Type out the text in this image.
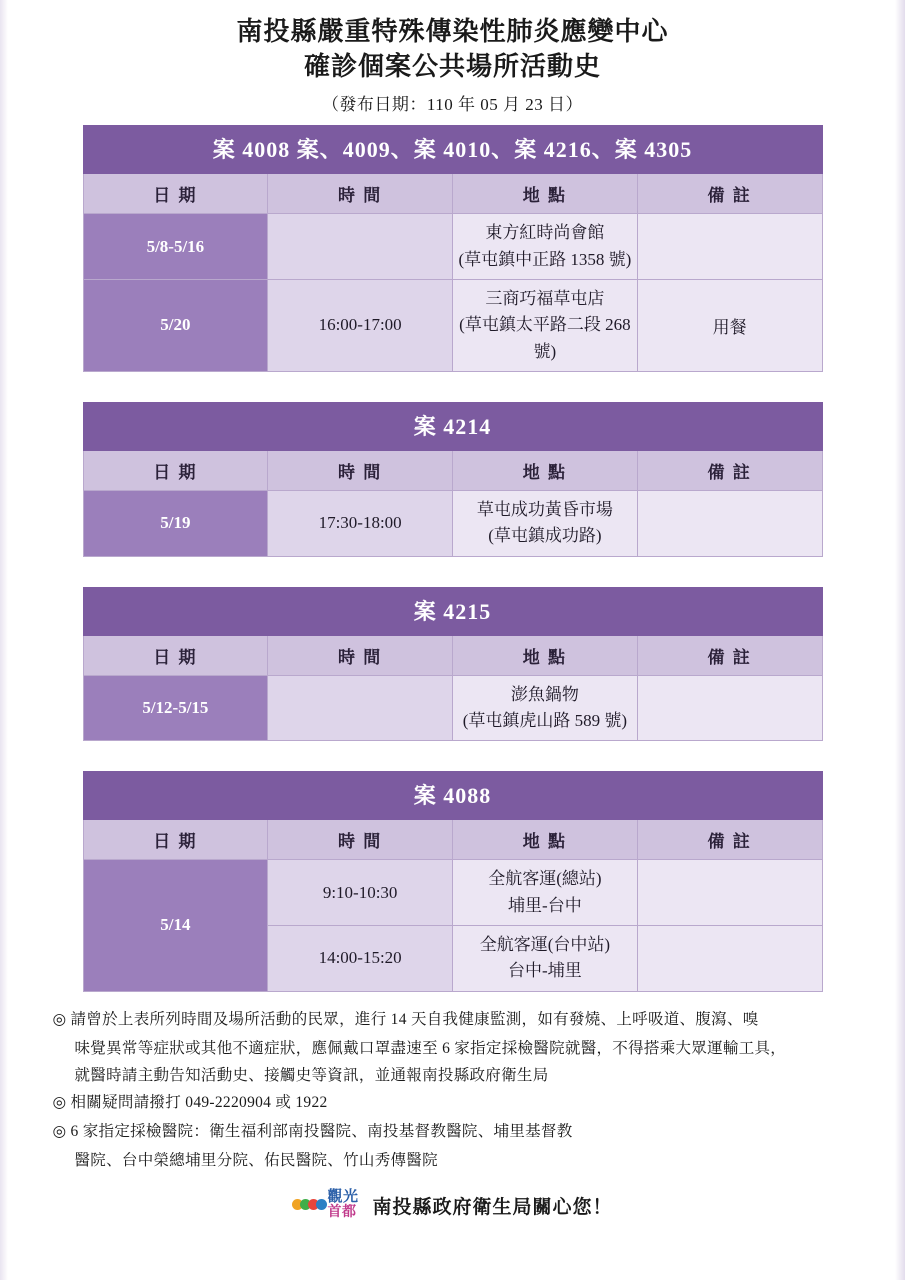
南投縣嚴重特殊傳染性肺炎應變中心
確診個案公共場所活動史
（發布日期：110 年 05 月 23 日）
案 4008 案、4009、案 4010、案 4216、案 4305			
日 期	時 間	地 點	備 註
5/8-5/16		東方紅時尚會館
(草屯鎮中正路 1358 號)	

5/20	16:00-17:00	三商巧福草屯店
(草屯鎮太平路二段 268 號)	用餐
案 4214			
日 期	時 間	地 點	備 註
5/19	17:30-18:00	草屯成功黃昏市場
(草屯鎮成功路)	

案 4215			
日 期	時 間	地 點	備 註
5/12-5/15		澎魚鍋物
(草屯鎮虎山路 589 號)	

案 4088			
日 期	時 間	地 點	備 註
5/14	9:10-10:30	全航客運(總站)
埔里-台中	

	14:00-15:20	全航客運(台中站)
台中-埔里	

◎ 請曾於上表所列時間及場所活動的民眾，進行 14 天自我健康監測，如有發燒、上呼吸道、腹瀉、嗅
味覺異常等症狀或其他不適症狀，應佩戴口罩盡速至 6 家指定採檢醫院就醫，不得搭乘大眾運輸工具，
就醫時請主動告知活動史、接觸史等資訊，並通報南投縣政府衛生局
◎ 相關疑問請撥打 049-2220904 或 1922
◎ 6 家指定採檢醫院：衛生福利部南投醫院、南投基督教醫院、埔里基督教
醫院、台中榮總埔里分院、佑民醫院、竹山秀傳醫院
觀光
首都 南投縣政府衛生局關心您！
